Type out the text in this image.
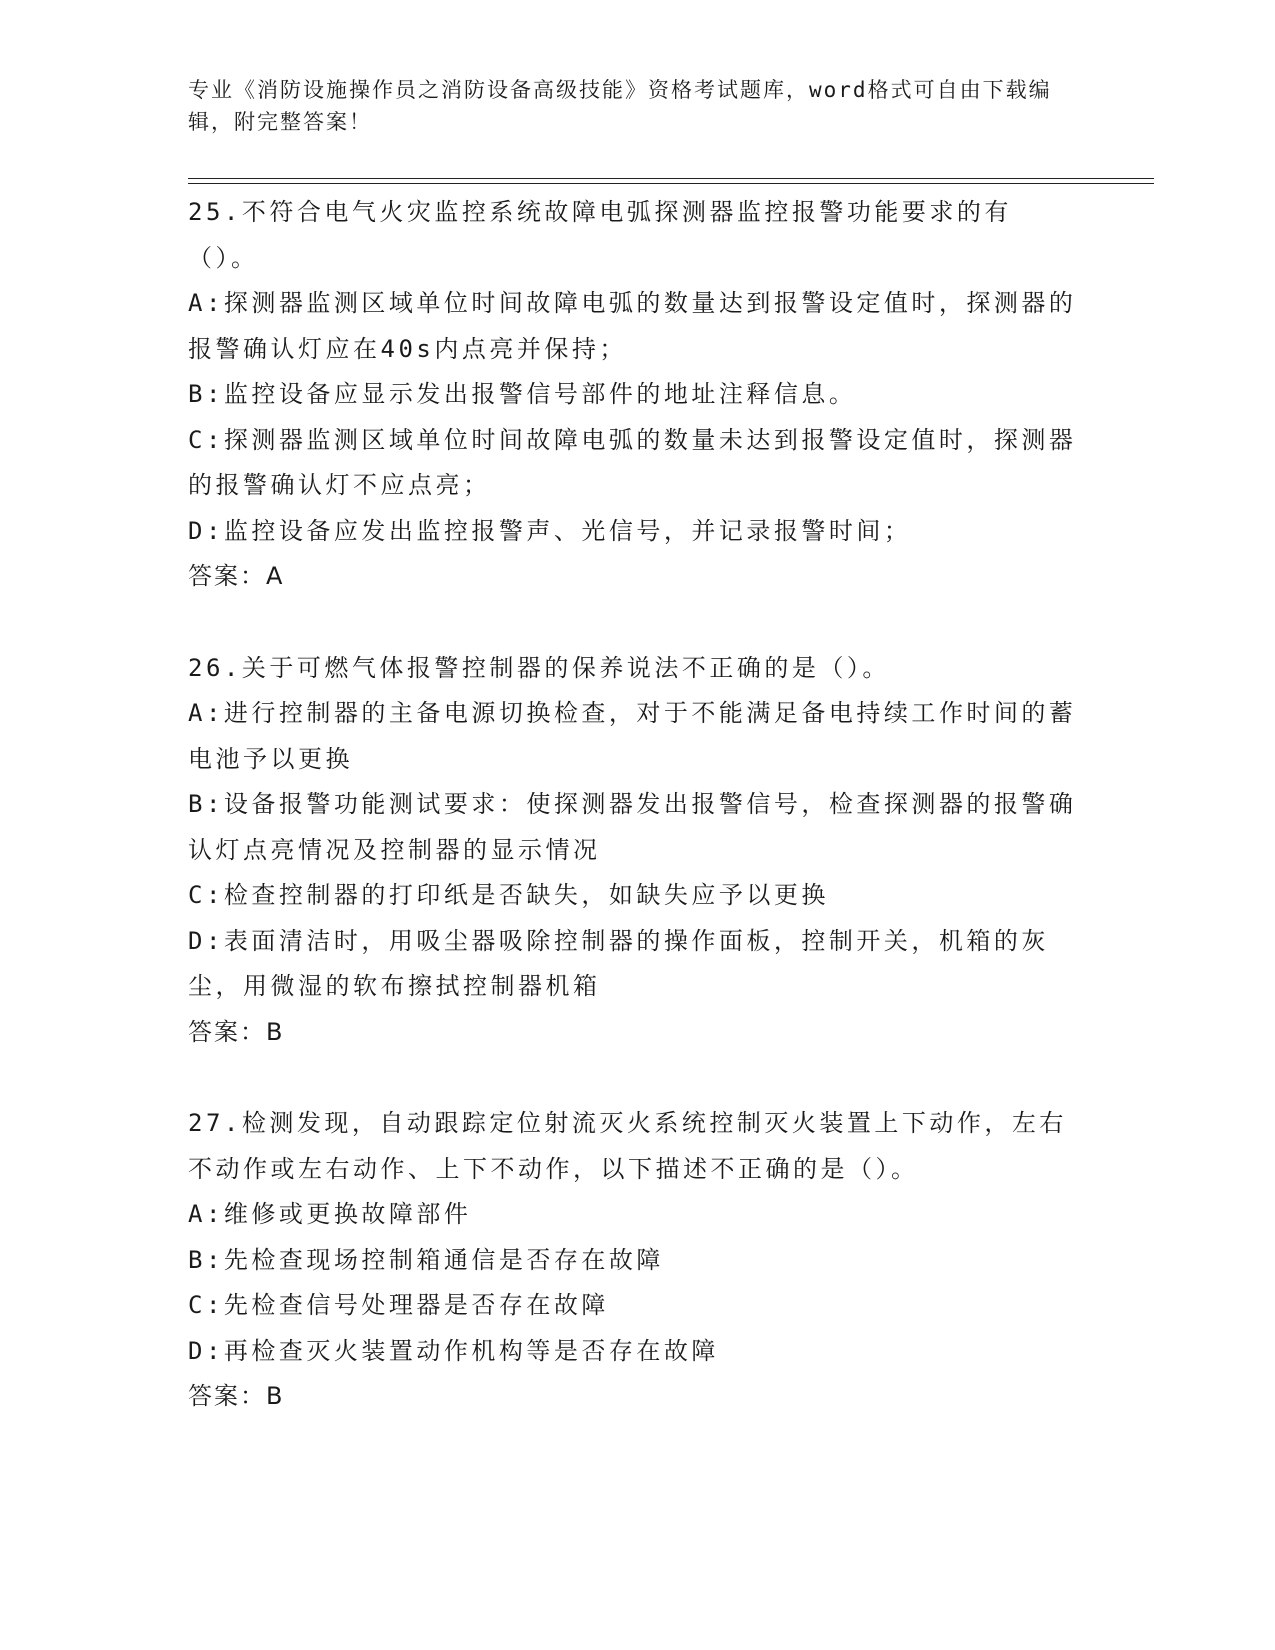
专业《消防设施操作员之消防设备高级技能》资格考试题库，word格式可自由下载编辑，附完整答案！
25.不符合电气火灾监控系统故障电弧探测器监控报警功能要求的有（）。
A:探测器监测区域单位时间故障电弧的数量达到报警设定值时，探测器的报警确认灯应在40s内点亮并保持；
B:监控设备应显示发出报警信号部件的地址注释信息。
C:探测器监测区域单位时间故障电弧的数量未达到报警设定值时，探测器的报警确认灯不应点亮；
D:监控设备应发出监控报警声、光信号，并记录报警时间；
答案：A
26.关于可燃气体报警控制器的保养说法不正确的是（）。
A:进行控制器的主备电源切换检查，对于不能满足备电持续工作时间的蓄电池予以更换
B:设备报警功能测试要求：使探测器发出报警信号，检查探测器的报警确认灯点亮情况及控制器的显示情况
C:检查控制器的打印纸是否缺失，如缺失应予以更换
D:表面清洁时，用吸尘器吸除控制器的操作面板，控制开关，机箱的灰尘，用微湿的软布擦拭控制器机箱
答案：B
27.检测发现，自动跟踪定位射流灭火系统控制灭火装置上下动作，左右不动作或左右动作、上下不动作，以下描述不正确的是（）。
A:维修或更换故障部件
B:先检查现场控制箱通信是否存在故障
C:先检查信号处理器是否存在故障
D:再检查灭火装置动作机构等是否存在故障
答案：B
